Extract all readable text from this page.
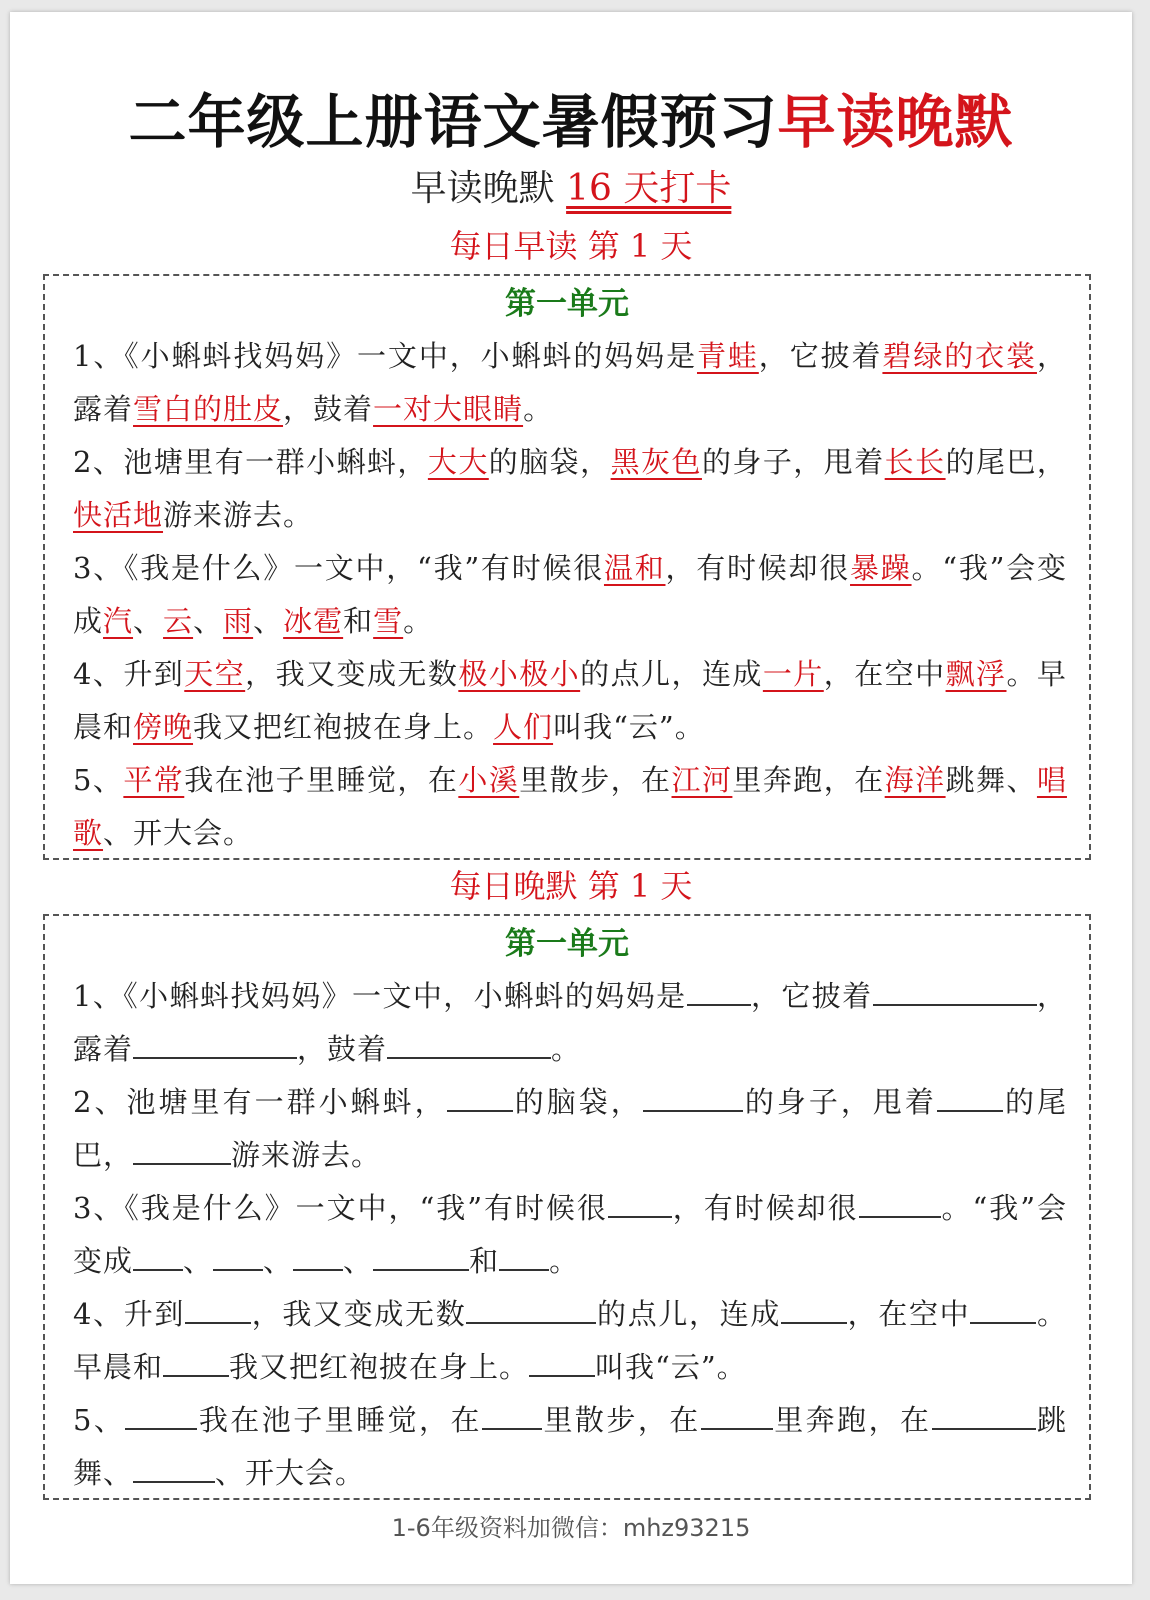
二年级上册语文暑假预习早读晚默
早读晚默 16 天打卡
每日早读 第 1 天
第一单元
1、《小蝌蚪找妈妈》一文中，小蝌蚪的妈妈是青蛙，它披着碧绿的衣裳，露着雪白的肚皮，鼓着一对大眼睛。
2、池塘里有一群小蝌蚪，大大的脑袋，黑灰色的身子，甩着长长的尾巴，快活地游来游去。
3、《我是什么》一文中，“我”有时候很温和，有时候却很暴躁。“我”会变成汽、云、雨、冰雹和雪。
4、升到天空，我又变成无数极小极小的点儿，连成一片，在空中飘浮。早晨和傍晚我又把红袍披在身上。人们叫我“云”。
5、平常我在池子里睡觉，在小溪里散步，在江河里奔跑，在海洋跳舞、唱歌、开大会。
每日晚默 第 1 天
第一单元
1、《小蝌蚪找妈妈》一文中，小蝌蚪的妈妈是 ，它披着	，露着	，鼓着	。
2、池塘里有一群小蝌蚪， 的脑袋，	的身子，甩着 的尾巴，	游来游去。
3、《我是什么》一文中，“我”有时候很 ，有时候却很	。“我”会变成 、 、 、	和 。
4、升到 ，我又变成无数	的点儿，连成 ，在空中 。早晨和 我又把红袍披在身上。 叫我“云”。
5、 我在池子里睡觉，在 里散步，在 里奔跑，在	跳舞、	、开大会。
1-6年级资料加微信：mhz93215
